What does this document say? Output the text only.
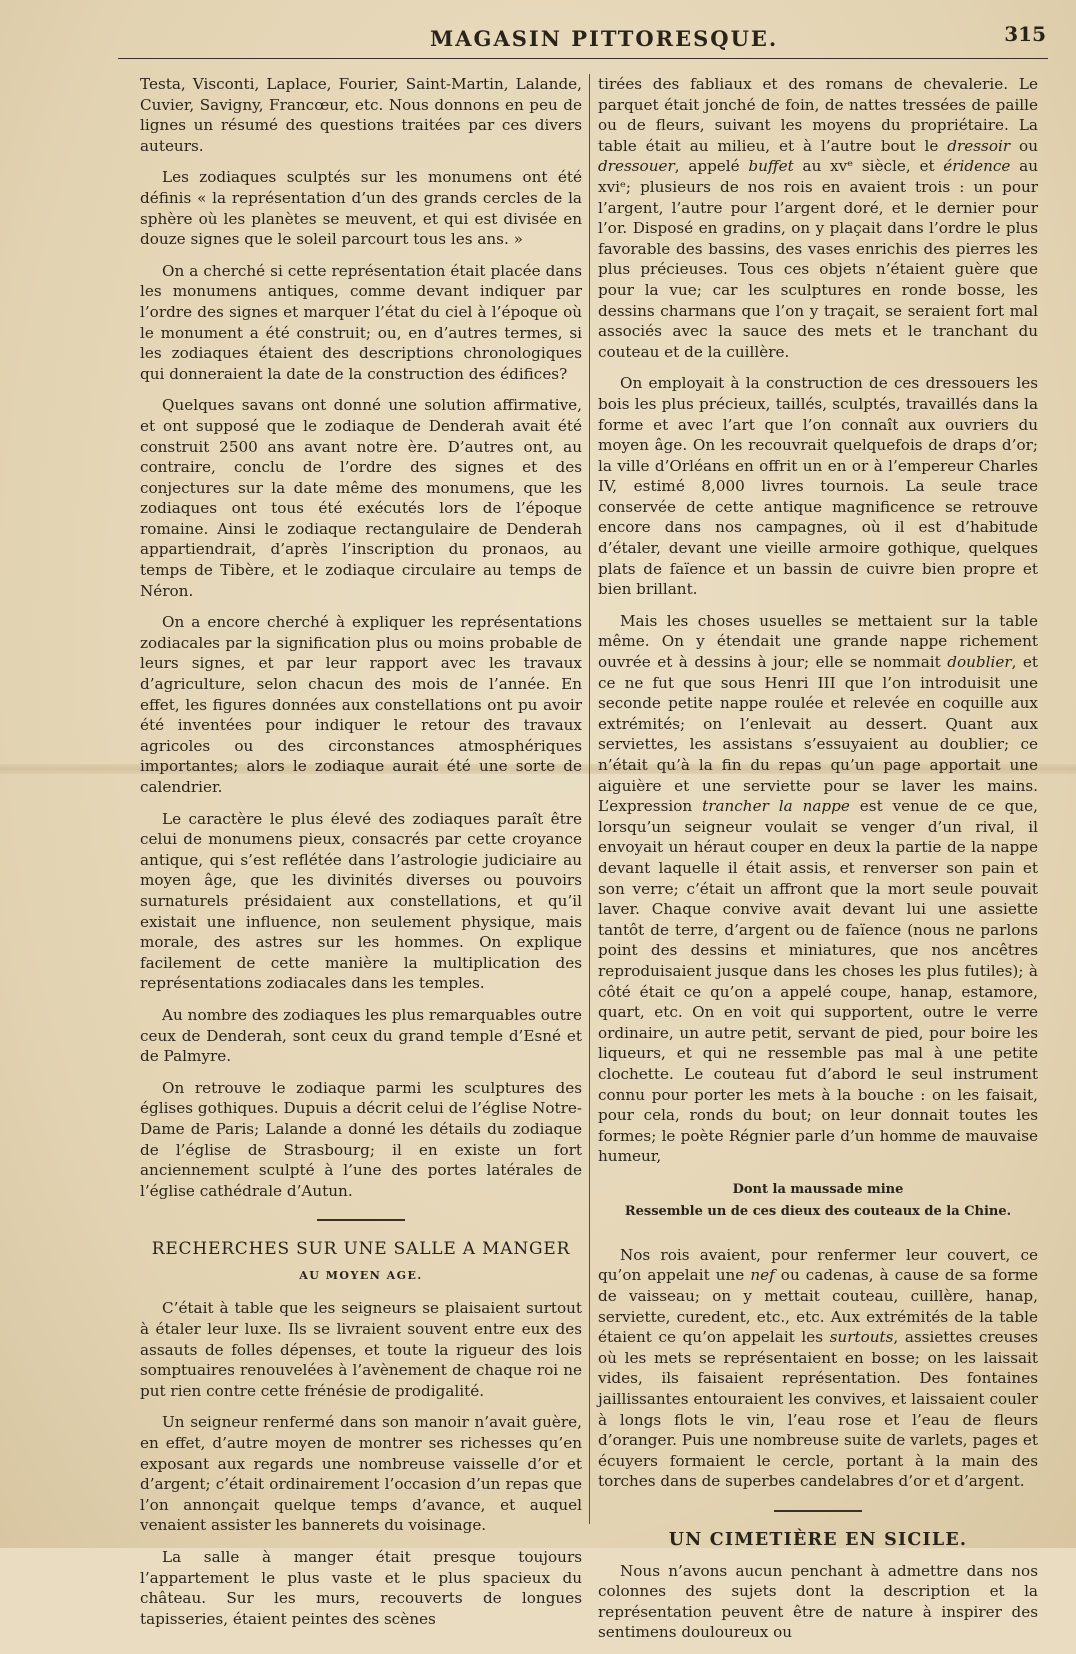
MAGASIN PITTORESQUE.	315

Testa, Visconti, Laplace, Fourier, Saint-Martin, Lalande, Cuvier, Savigny, Francœur, etc. Nous donnons en peu de lignes un résumé des questions traitées par ces divers auteurs.

Les zodiaques sculptés sur les monumens ont été définis « la représentation d’un des grands cercles de la sphère où les planètes se meuvent, et qui est divisée en douze signes que le soleil parcourt tous les ans. »

On a cherché si cette représentation était placée dans les monumens antiques, comme devant indiquer par l’ordre des signes et marquer l’état du ciel à l’époque où le monument a été construit; ou, en d’autres termes, si les zodiaques étaient des descriptions chronologiques qui donneraient la date de la construction des édifices?

Quelques savans ont donné une solution affirmative, et ont supposé que le zodiaque de Denderah avait été construit 2500 ans avant notre ère. D’autres ont, au contraire, conclu de l’ordre des signes et des conjectures sur la date même des monumens, que les zodiaques ont tous été exécutés lors de l’époque romaine. Ainsi le zodiaque rectangulaire de Denderah appartiendrait, d’après l’inscription du pronaos, au temps de Tibère, et le zodiaque circulaire au temps de Néron.

On a encore cherché à expliquer les représentations zodiacales par la signification plus ou moins probable de leurs signes, et par leur rapport avec les travaux d’agriculture, selon chacun des mois de l’année. En effet, les figures données aux constellations ont pu avoir été inventées pour indiquer le retour des travaux agricoles ou des circonstances atmosphériques importantes; alors le zodiaque aurait été une sorte de calendrier.

Le caractère le plus élevé des zodiaques paraît être celui de monumens pieux, consacrés par cette croyance antique, qui s’est reflétée dans l’astrologie judiciaire au moyen âge, que les divinités diverses ou pouvoirs surnaturels présidaient aux constellations, et qu’il existait une influence, non seulement physique, mais morale, des astres sur les hommes. On explique facilement de cette manière la multiplication des représentations zodiacales dans les temples.

Au nombre des zodiaques les plus remarquables outre ceux de Denderah, sont ceux du grand temple d’Esné et de Palmyre.

On retrouve le zodiaque parmi les sculptures des églises gothiques. Dupuis a décrit celui de l’église Notre-Dame de Paris; Lalande a donné les détails du zodiaque de l’église de Strasbourg; il en existe un fort anciennement sculpté à l’une des portes latérales de l’église cathédrale d’Autun.

RECHERCHES SUR UNE SALLE A MANGER
AU MOYEN AGE.

C’était à table que les seigneurs se plaisaient surtout à étaler leur luxe. Ils se livraient souvent entre eux des assauts de folles dépenses, et toute la rigueur des lois somptuaires renouvelées à l’avènement de chaque roi ne put rien contre cette frénésie de prodigalité.

Un seigneur renfermé dans son manoir n’avait guère, en effet, d’autre moyen de montrer ses richesses qu’en exposant aux regards une nombreuse vaisselle d’or et d’argent; c’était ordinairement l’occasion d’un repas que l’on annonçait quelque temps d’avance, et auquel venaient assister les bannerets du voisinage.

La salle à manger était presque toujours l’appartement le plus vaste et le plus spacieux du château. Sur les murs, recouverts de longues tapisseries, étaient peintes des scènes

tirées des fabliaux et des romans de chevalerie. Le parquet était jonché de foin, de nattes tressées de paille ou de fleurs, suivant les moyens du propriétaire. La table était au milieu, et à l’autre bout le dressoir ou dressouer, appelé buffet au xvᵉ siècle, et éridence au xviᵉ; plusieurs de nos rois en avaient trois : un pour l’argent, l’autre pour l’argent doré, et le dernier pour l’or. Disposé en gradins, on y plaçait dans l’ordre le plus favorable des bassins, des vases enrichis des pierres les plus précieuses. Tous ces objets n’étaient guère que pour la vue; car les sculptures en ronde bosse, les dessins charmans que l’on y traçait, se seraient fort mal associés avec la sauce des mets et le tranchant du couteau et de la cuillère.

On employait à la construction de ces dressouers les bois les plus précieux, taillés, sculptés, travaillés dans la forme et avec l’art que l’on connaît aux ouvriers du moyen âge. On les recouvrait quelquefois de draps d’or; la ville d’Orléans en offrit un en or à l’empereur Charles IV, estimé 8,000 livres tournois. La seule trace conservée de cette antique magnificence se retrouve encore dans nos campagnes, où il est d’habitude d’étaler, devant une vieille armoire gothique, quelques plats de faïence et un bassin de cuivre bien propre et bien brillant.

Mais les choses usuelles se mettaient sur la table même. On y étendait une grande nappe richement ouvrée et à dessins à jour; elle se nommait doublier, et ce ne fut que sous Henri III que l’on introduisit une seconde petite nappe roulée et relevée en coquille aux extrémités; on l’enlevait au dessert. Quant aux serviettes, les assistans s’essuyaient au doublier; ce n’était qu’à la fin du repas qu’un page apportait une aiguière et une serviette pour se laver les mains. L’expression trancher la nappe est venue de ce que, lorsqu’un seigneur voulait se venger d’un rival, il envoyait un héraut couper en deux la partie de la nappe devant laquelle il était assis, et renverser son pain et son verre; c’était un affront que la mort seule pouvait laver. Chaque convive avait devant lui une assiette tantôt de terre, d’argent ou de faïence (nous ne parlons point des dessins et miniatures, que nos ancêtres reproduisaient jusque dans les choses les plus futiles); à côté était ce qu’on a appelé coupe, hanap, estamore, quart, etc. On en voit qui supportent, outre le verre ordinaire, un autre petit, servant de pied, pour boire les liqueurs, et qui ne ressemble pas mal à une petite clochette. Le couteau fut d’abord le seul instrument connu pour porter les mets à la bouche : on les faisait, pour cela, ronds du bout; on leur donnait toutes les formes; le poète Régnier parle d’un homme de mauvaise humeur,

Dont la maussade mine
Ressemble un de ces dieux des couteaux de la Chine.

Nos rois avaient, pour renfermer leur couvert, ce qu’on appelait une nef ou cadenas, à cause de sa forme de vaisseau; on y mettait couteau, cuillère, hanap, serviette, curedent, etc., etc. Aux extrémités de la table étaient ce qu’on appelait les surtouts, assiettes creuses où les mets se représentaient en bosse; on les laissait vides, ils faisaient représentation. Des fontaines jaillissantes entouraient les convives, et laissaient couler à longs flots le vin, l’eau rose et l’eau de fleurs d’oranger. Puis une nombreuse suite de varlets, pages et écuyers formaient le cercle, portant à la main des torches dans de superbes candelabres d’or et d’argent.

UN CIMETIÈRE EN SICILE.

Nous n’avons aucun penchant à admettre dans nos colonnes des sujets dont la description et la représentation peuvent être de nature à inspirer des sentimens douloureux ou
